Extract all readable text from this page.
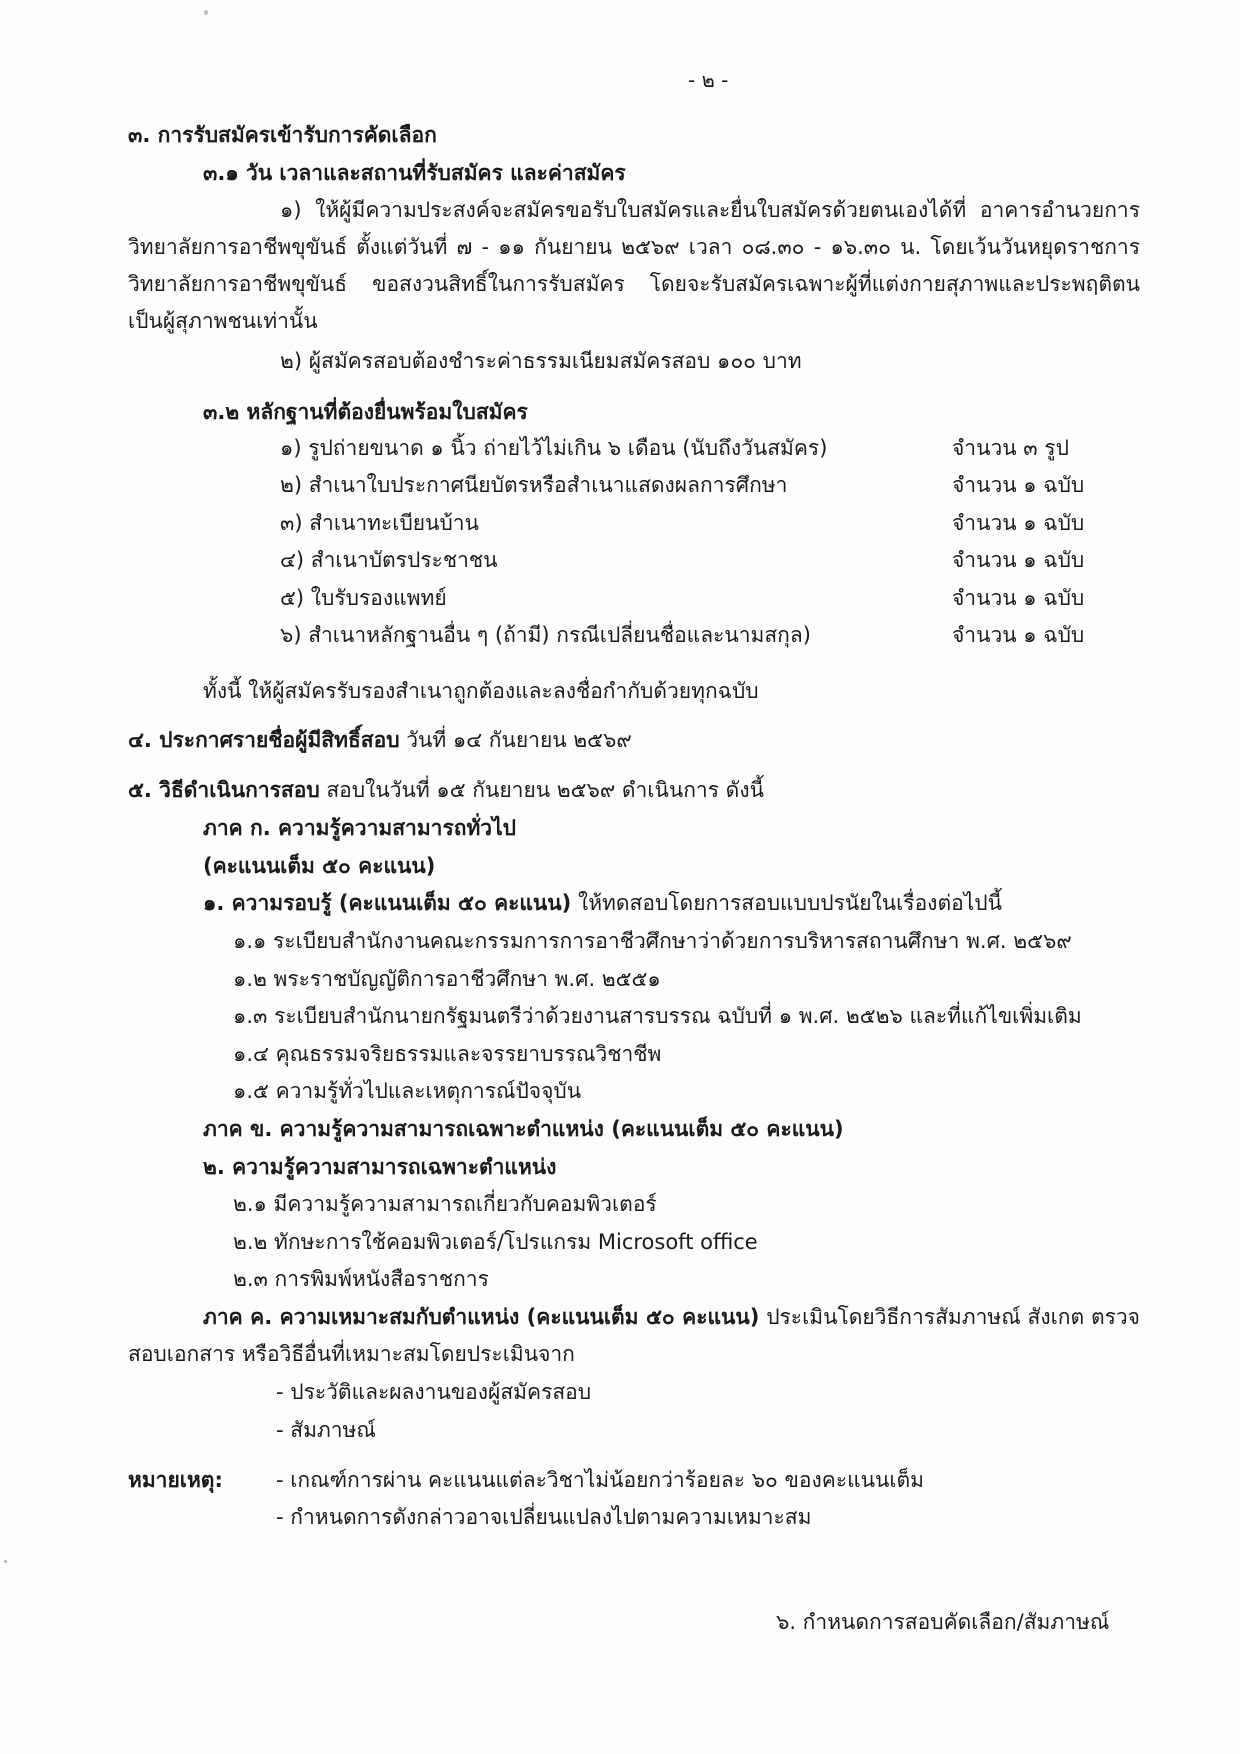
- ๒ -
๓. การรับสมัครเข้ารับการคัดเลือก
๓.๑ วัน เวลาและสถานที่รับสมัคร และค่าสมัคร
๑) ให้ผู้มีความประสงค์จะสมัครขอรับใบสมัครและยื่นใบสมัครด้วยตนเองได้ที่ อาคารอำนวยการ วิทยาลัยการอาชีพขุขันธ์ ตั้งแต่วันที่ ๗ - ๑๑ กันยายน ๒๕๖๙ เวลา ๐๘.๓๐ - ๑๖.๓๐ น. โดยเว้นวันหยุดราชการ วิทยาลัยการอาชีพขุขันธ์ ขอสงวนสิทธิ์ในการรับสมัคร โดยจะรับสมัครเฉพาะผู้ที่แต่งกายสุภาพและประพฤติตน เป็นผู้สุภาพชนเท่านั้น
๒) ผู้สมัครสอบต้องชำระค่าธรรมเนียมสมัครสอบ ๑๐๐ บาท
๓.๒ หลักฐานที่ต้องยื่นพร้อมใบสมัคร
๑) รูปถ่ายขนาด ๑ นิ้ว ถ่ายไว้ไม่เกิน ๖ เดือน (นับถึงวันสมัคร)	จำนวน ๓ รูป
๒) สำเนาใบประกาศนียบัตรหรือสำเนาแสดงผลการศึกษา	จำนวน ๑ ฉบับ
๓) สำเนาทะเบียนบ้าน	จำนวน ๑ ฉบับ
๔) สำเนาบัตรประชาชน	จำนวน ๑ ฉบับ
๕) ใบรับรองแพทย์	จำนวน ๑ ฉบับ
๖) สำเนาหลักฐานอื่น ๆ (ถ้ามี) กรณีเปลี่ยนชื่อและนามสกุล)	จำนวน ๑ ฉบับ
ทั้งนี้ ให้ผู้สมัครรับรองสำเนาถูกต้องและลงชื่อกำกับด้วยทุกฉบับ
๔. ประกาศรายชื่อผู้มีสิทธิ์สอบ วันที่ ๑๔ กันยายน ๒๕๖๙
๕. วิธีดำเนินการสอบ สอบในวันที่ ๑๕ กันยายน ๒๕๖๙ ดำเนินการ ดังนี้
ภาค ก. ความรู้ความสามารถทั่วไป
(คะแนนเต็ม ๕๐ คะแนน)
๑. ความรอบรู้ (คะแนนเต็ม ๕๐ คะแนน) ให้ทดสอบโดยการสอบแบบปรนัยในเรื่องต่อไปนี้
๑.๑ ระเบียบสำนักงานคณะกรรมการการอาชีวศึกษาว่าด้วยการบริหารสถานศึกษา พ.ศ. ๒๕๖๙
๑.๒ พระราชบัญญัติการอาชีวศึกษา พ.ศ. ๒๕๕๑
๑.๓ ระเบียบสำนักนายกรัฐมนตรีว่าด้วยงานสารบรรณ ฉบับที่ ๑ พ.ศ. ๒๕๒๖ และที่แก้ไขเพิ่มเติม
๑.๔ คุณธรรมจริยธรรมและจรรยาบรรณวิชาชีพ
๑.๕ ความรู้ทั่วไปและเหตุการณ์ปัจจุบัน
ภาค ข. ความรู้ความสามารถเฉพาะตำแหน่ง (คะแนนเต็ม ๕๐ คะแนน)
๒. ความรู้ความสามารถเฉพาะตำแหน่ง
๒.๑ มีความรู้ความสามารถเกี่ยวกับคอมพิวเตอร์
๒.๒ ทักษะการใช้คอมพิวเตอร์/โปรแกรม Microsoft office
๒.๓ การพิมพ์หนังสือราชการ
ภาค ค. ความเหมาะสมกับตำแหน่ง (คะแนนเต็ม ๕๐ คะแนน) ประเมินโดยวิธีการสัมภาษณ์ สังเกต ตรวจสอบเอกสาร หรือวิธีอื่นที่เหมาะสมโดยประเมินจาก
- ประวัติและผลงานของผู้สมัครสอบ
- สัมภาษณ์
หมายเหตุ:	- เกณฑ์การผ่าน คะแนนแต่ละวิชาไม่น้อยกว่าร้อยละ ๖๐ ของคะแนนเต็ม
- กำหนดการดังกล่าวอาจเปลี่ยนแปลงไปตามความเหมาะสม
๖. กำหนดการสอบคัดเลือก/สัมภาษณ์
